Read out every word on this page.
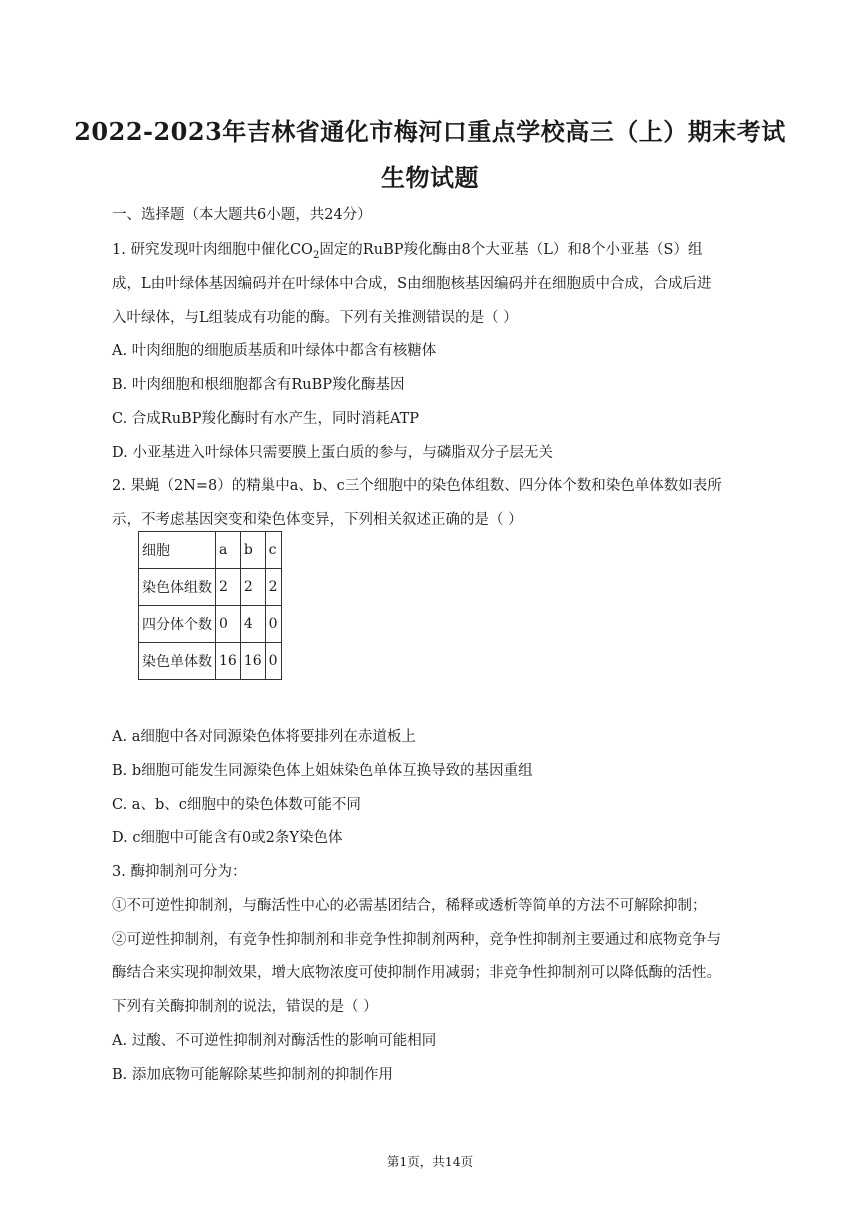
2022-2023年吉林省通化市梅河口重点学校高三（上）期末考试
生物试题
一、选择题（本大题共6小题，共24分）
1. 研究发现叶肉细胞中催化$CO_2$固定的RuBP羧化酶由8个大亚基（L）和8个小亚基（S）组
成，L由叶绿体基因编码并在叶绿体中合成，S由细胞核基因编码并在细胞质中合成，合成后进
入叶绿体，与L组装成有功能的酶。下列有关推测错误的是（ ）
A. 叶肉细胞的细胞质基质和叶绿体中都含有核糖体
B. 叶肉细胞和根细胞都含有RuBP羧化酶基因
C. 合成RuBP羧化酶时有水产生，同时消耗ATP
D. 小亚基进入叶绿体只需要膜上蛋白质的参与，与磷脂双分子层无关
2. 果蝇（2N=8）的精巢中a、b、c三个细胞中的染色体组数、四分体个数和染色单体数如表所
示，不考虑基因突变和染色体变异，下列相关叙述正确的是（ ）
细胞	a	b	c
染色体组数	2	2	2
四分体个数	0	4	0
染色单体数	16	16	0
A. a细胞中各对同源染色体将要排列在赤道板上
B. b细胞可能发生同源染色体上姐妹染色单体互换导致的基因重组
C. a、b、c细胞中的染色体数可能不同
D. c细胞中可能含有0或2条Y染色体
3. 酶抑制剂可分为：
①不可逆性抑制剂，与酶活性中心的必需基团结合，稀释或透析等简单的方法不可解除抑制；
②可逆性抑制剂，有竞争性抑制剂和非竞争性抑制剂两种，竞争性抑制剂主要通过和底物竞争与
酶结合来实现抑制效果，增大底物浓度可使抑制作用减弱；非竞争性抑制剂可以降低酶的活性。
下列有关酶抑制剂的说法，错误的是（ ）
A. 过酸、不可逆性抑制剂对酶活性的影响可能相同
B. 添加底物可能解除某些抑制剂的抑制作用
第1页，共14页
